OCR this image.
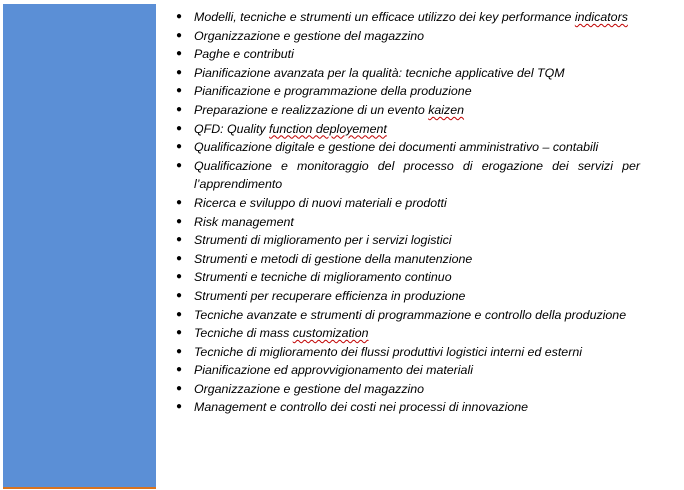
● Modelli, tecniche e strumenti un efficace utilizzo dei key performance indicators
● Organizzazione e gestione del magazzino
● Paghe e contributi
● Pianificazione avanzata per la qualità: tecniche applicative del TQM
● Pianificazione e programmazione della produzione
● Preparazione e realizzazione di un evento kaizen
● QFD: Quality function deployement
● Qualificazione digitale e gestione dei documenti amministrativo – contabili
● Qualificazione e monitoraggio del processo di erogazione dei servizi per l’apprendimento
● Ricerca e sviluppo di nuovi materiali e prodotti
● Risk management
● Strumenti di miglioramento per i servizi logistici
● Strumenti e metodi di gestione della manutenzione
● Strumenti e tecniche di miglioramento continuo
● Strumenti per recuperare efficienza in produzione
● Tecniche avanzate e strumenti di programmazione e controllo della produzione
● Tecniche di mass customization
● Tecniche di miglioramento dei flussi produttivi logistici interni ed esterni
● Pianificazione ed approvvigionamento dei materiali
● Organizzazione e gestione del magazzino
● Management e controllo dei costi nei processi di innovazione
